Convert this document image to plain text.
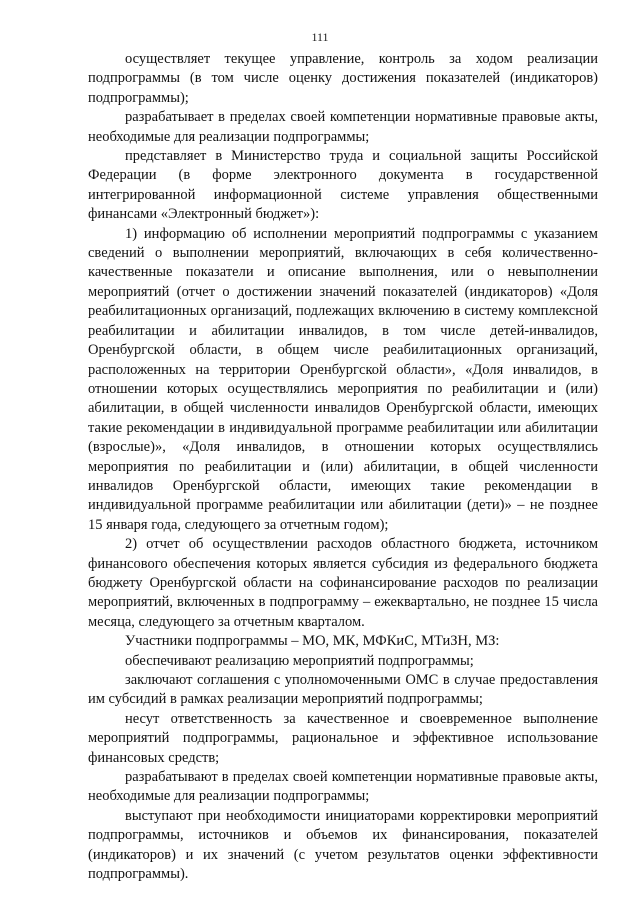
111

осуществляет текущее управление, контроль за ходом реализации подпрограммы (в том числе оценку достижения показателей (индикаторов) подпрограммы);

разрабатывает в пределах своей компетенции нормативные правовые акты, необходимые для реализации подпрограммы;

представляет в Министерство труда и социальной защиты Российской Федерации (в форме электронного документа в государственной интегрированной информационной системе управления общественными финансами «Электронный бюджет»):

1) информацию об исполнении мероприятий подпрограммы с указанием сведений о выполнении мероприятий, включающих в себя количественно-качественные показатели и описание выполнения, или о невыполнении мероприятий (отчет о достижении значений показателей (индикаторов) «Доля реабилитационных организаций, подлежащих включению в систему комплексной реабилитации и абилитации инвалидов, в том числе детей-инвалидов, Оренбургской области, в общем числе реабилитационных организаций, расположенных на территории Оренбургской области», «Доля инвалидов, в отношении которых осуществлялись мероприятия по реабилитации и (или) абилитации, в общей численности инвалидов Оренбургской области, имеющих такие рекомендации в индивидуальной программе реабилитации или абилитации (взрослые)», «Доля инвалидов, в отношении которых осуществлялись мероприятия по реабилитации и (или) абилитации, в общей численности инвалидов Оренбургской области, имеющих такие рекомендации в индивидуальной программе реабилитации или абилитации (дети)» – не позднее 15 января года, следующего за отчетным годом);

2) отчет об осуществлении расходов областного бюджета, источником финансового обеспечения которых является субсидия из федерального бюджета бюджету Оренбургской области на софинансирование расходов по реализации мероприятий, включенных в подпрограмму – ежеквартально, не позднее 15 числа месяца, следующего за отчетным кварталом.

Участники подпрограммы – МО, МК, МФКиС, МТиЗН, МЗ:

обеспечивают реализацию мероприятий подпрограммы;

заключают соглашения с уполномоченными ОМС в случае предоставления им субсидий в рамках реализации мероприятий подпрограммы;

несут ответственность за качественное и своевременное выполнение мероприятий подпрограммы, рациональное и эффективное использование финансовых средств;

разрабатывают в пределах своей компетенции нормативные правовые акты, необходимые для реализации подпрограммы;

выступают при необходимости инициаторами корректировки мероприятий подпрограммы, источников и объемов их финансирования, показателей (индикаторов) и их значений (с учетом результатов оценки эффективности подпрограммы).
